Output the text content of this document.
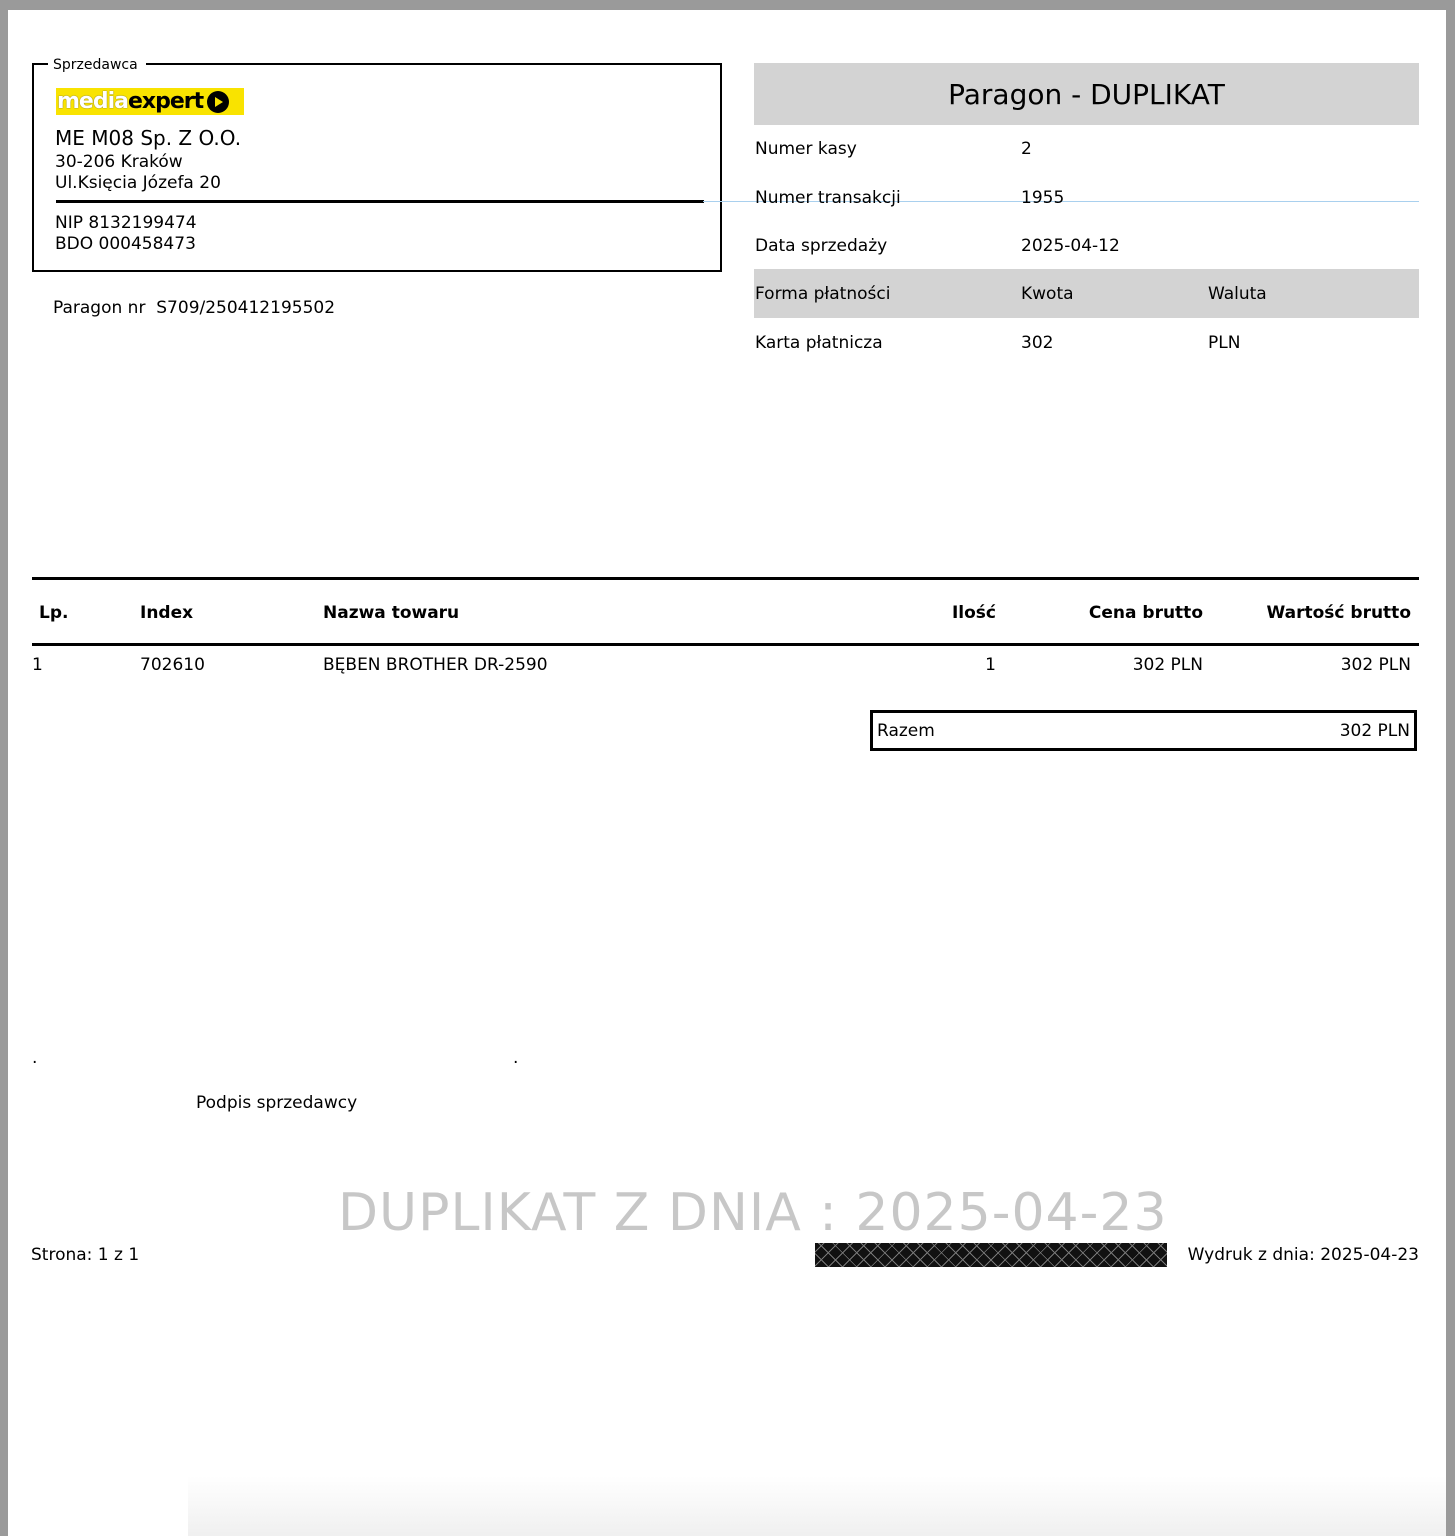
Sprzedawca
media expert
ME M08 Sp. Z O.O.
30-206 Kraków
Ul.Księcia Józefa 20
NIP 8132199474
BDO 000458473
Paragon nr S709/250412195502
Paragon - DUPLIKAT
Numer kasy	2
Numer transakcji	1955
Data sprzedaży	2025-04-12
Forma płatności	Kwota	Waluta
Karta płatnicza	302	PLN
Lp.	Index	Nazwa towaru	Ilość	Cena brutto	Wartość brutto
1	702610	BĘBEN BROTHER DR-2590	1	302 PLN	302 PLN
Razem	302 PLN
.	.
Podpis sprzedawcy
DUPLIKAT Z DNIA : 2025-04-23
Strona: 1 z 1	Wydruk z dnia: 2025-04-23
